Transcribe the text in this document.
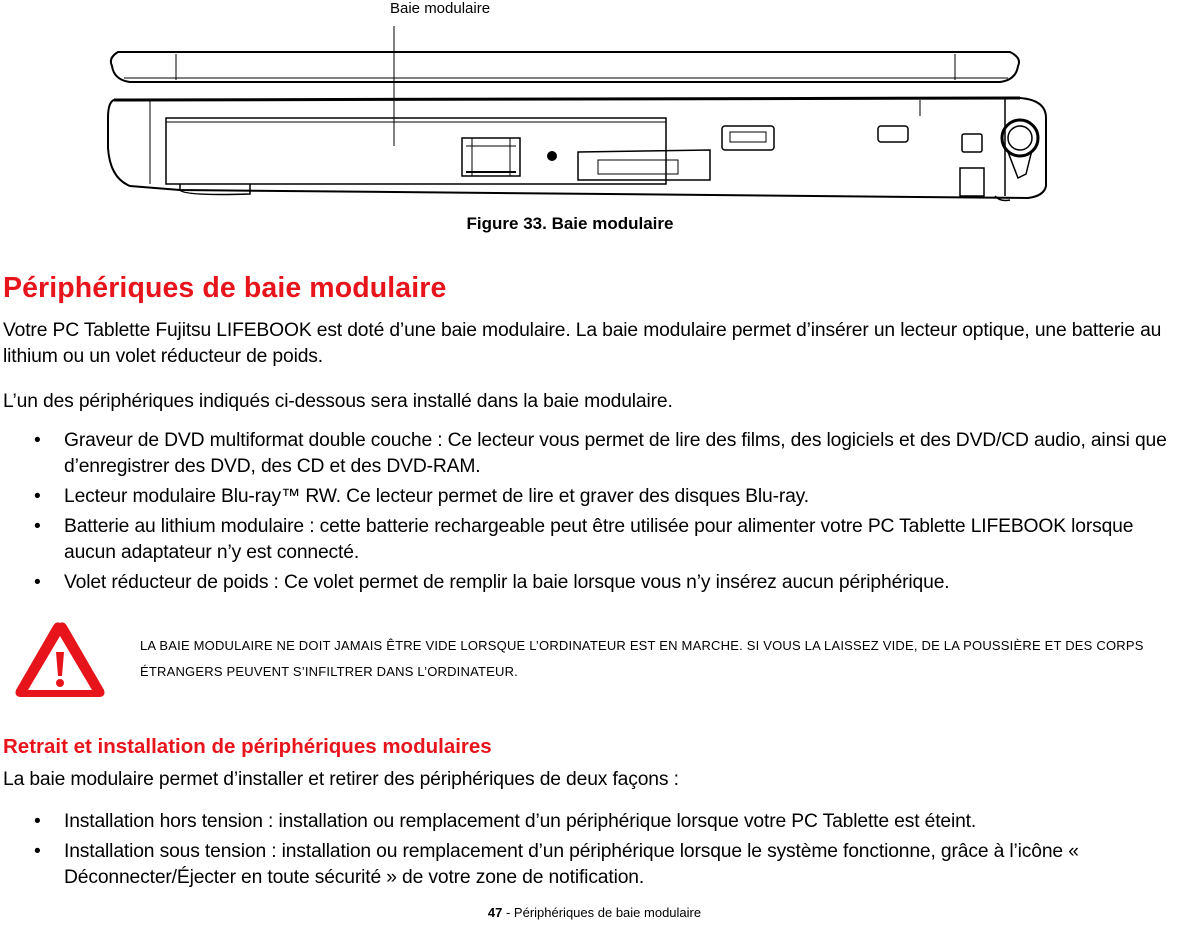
Baie modulaire
Figure 33. Baie modulaire
Périphériques de baie modulaire
Votre PC Tablette Fujitsu LIFEBOOK est doté d’une baie modulaire. La baie modulaire permet d’insérer un lecteur optique, une batterie au lithium ou un volet réducteur de poids.
L’un des périphériques indiqués ci-dessous sera installé dans la baie modulaire.
• Graveur de DVD multiformat double couche : Ce lecteur vous permet de lire des films, des logiciels et des DVD/CD audio, ainsi que d’enregistrer des DVD, des CD et des DVD-RAM.
• Lecteur modulaire Blu-ray™ RW. Ce lecteur permet de lire et graver des disques Blu-ray.
• Batterie au lithium modulaire : cette batterie rechargeable peut être utilisée pour alimenter votre PC Tablette LIFEBOOK lorsque aucun adaptateur n’y est connecté.
• Volet réducteur de poids : Ce volet permet de remplir la baie lorsque vous n’y insérez aucun périphérique.
LA BAIE MODULAIRE NE DOIT JAMAIS ÊTRE VIDE LORSQUE L’ORDINATEUR EST EN MARCHE. SI VOUS LA LAISSEZ VIDE, DE LA POUSSIÈRE ET DES CORPS ÉTRANGERS PEUVENT S’INFILTRER DANS L’ORDINATEUR.
Retrait et installation de périphériques modulaires
La baie modulaire permet d’installer et retirer des périphériques de deux façons :
• Installation hors tension : installation ou remplacement d’un périphérique lorsque votre PC Tablette est éteint.
• Installation sous tension : installation ou remplacement d’un périphérique lorsque le système fonctionne, grâce à l’icône « Déconnecter/Éjecter en toute sécurité » de votre zone de notification.
47 - Périphériques de baie modulaire
